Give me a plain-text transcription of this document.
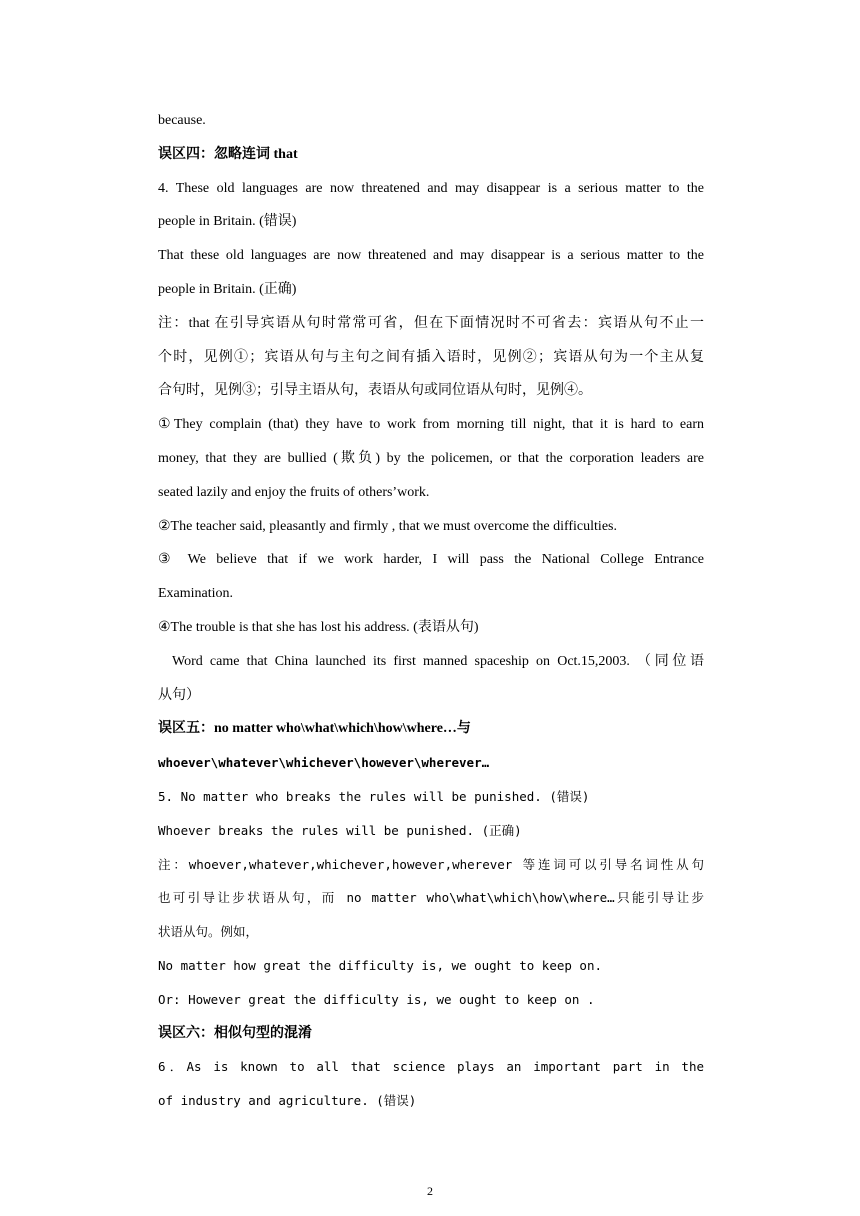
because.
误区四：忽略连词 that
4. These old languages are now threatened and may disappear is a serious matter to the
people in Britain. (错误)
That these old languages are now threatened and may disappear is a serious matter to the
people in Britain. (正确)
注：that 在引导宾语从句时常常可省，但在下面情况时不可省去：宾语从句不止一
个时，见例①；宾语从句与主句之间有插入语时，见例②；宾语从句为一个主从复
合句时，见例③；引导主语从句，表语从句或同位语从句时，见例④。
①They complain (that) they have to work from morning till night, that it is hard to earn
money, that they are bullied (欺负) by the policemen, or that the corporation leaders are
seated lazily and enjoy the fruits of others’work.
②The teacher said, pleasantly and firmly , that we must overcome the difficulties.
③ We believe that if we work harder, I will pass the National College Entrance
Examination.
④The trouble is that she has lost his address. (表语从句)
Word came that China launched its first manned spaceship on Oct.15,2003. （同位语
从句）
误区五：no matter who\what\which\how\where…与
whoever\whatever\whichever\however\wherever…
5. No matter who breaks the rules will be punished. (错误)
Whoever breaks the rules will be punished. (正确)
注：whoever,whatever,whichever,however,wherever 等连词可以引导名词性从句
也可引导让步状语从句，而 no matter who\what\which\how\where…只能引导让步
状语从句。例如，
No matter how great the difficulty is, we ought to keep on.
Or: However great the difficulty is, we ought to keep on .
误区六：相似句型的混淆
6．As is known to all that science plays an important part in the
of industry and agriculture. (错误)
2
